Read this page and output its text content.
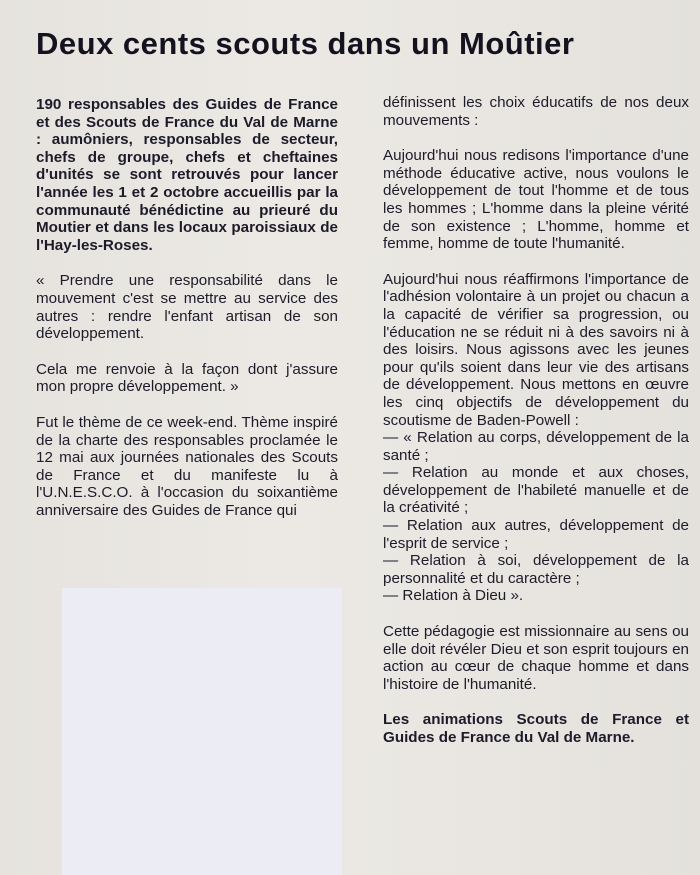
Deux cents scouts dans un Moûtier

190 responsables des Guides de France et des Scouts de France du Val de Marne : aumôniers, responsables de secteur, chefs de groupe, chefs et cheftaines d'unités se sont retrouvés pour lancer l'année les 1 et 2 octobre accueillis par la communauté bénédictine au prieuré du Moutier et dans les locaux paroissiaux de l'Hay-les-Roses.

« Prendre une responsabilité dans le mouvement c'est se mettre au service des autres : rendre l'enfant artisan de son développement.

Cela me renvoie à la façon dont j'assure mon propre développement. »

Fut le thème de ce week-end. Thème inspiré de la charte des responsables proclamée le 12 mai aux journées nationales des Scouts de France et du manifeste lu à l'U.N.E.S.C.O. à l'occasion du soixantième anniversaire des Guides de France qui

définissent les choix éducatifs de nos deux mouvements :

Aujourd'hui nous redisons l'importance d'une méthode éducative active, nous voulons le développement de tout l'homme et de tous les hommes ; L'homme dans la pleine vérité de son existence ; L'homme, homme et femme, homme de toute l'humanité.

Aujourd'hui nous réaffirmons l'importance de l'adhésion volontaire à un projet ou chacun a la capacité de vérifier sa progression, ou l'éducation ne se réduit ni à des savoirs ni à des loisirs. Nous agissons avec les jeunes pour qu'ils soient dans leur vie des artisans de développement. Nous mettons en œuvre les cinq objectifs de développement du scoutisme de Baden-Powell :

— « Relation au corps, développement de la santé ;

— Relation au monde et aux choses, développement de l'habileté manuelle et de la créativité ;

— Relation aux autres, développement de l'esprit de service ;

— Relation à soi, développement de la personnalité et du caractère ;

— Relation à Dieu ».

Cette pédagogie est missionnaire au sens ou elle doit révéler Dieu et son esprit toujours en action au cœur de chaque homme et dans l'histoire de l'humanité.

Les animations Scouts de France et Guides de France du Val de Marne.
